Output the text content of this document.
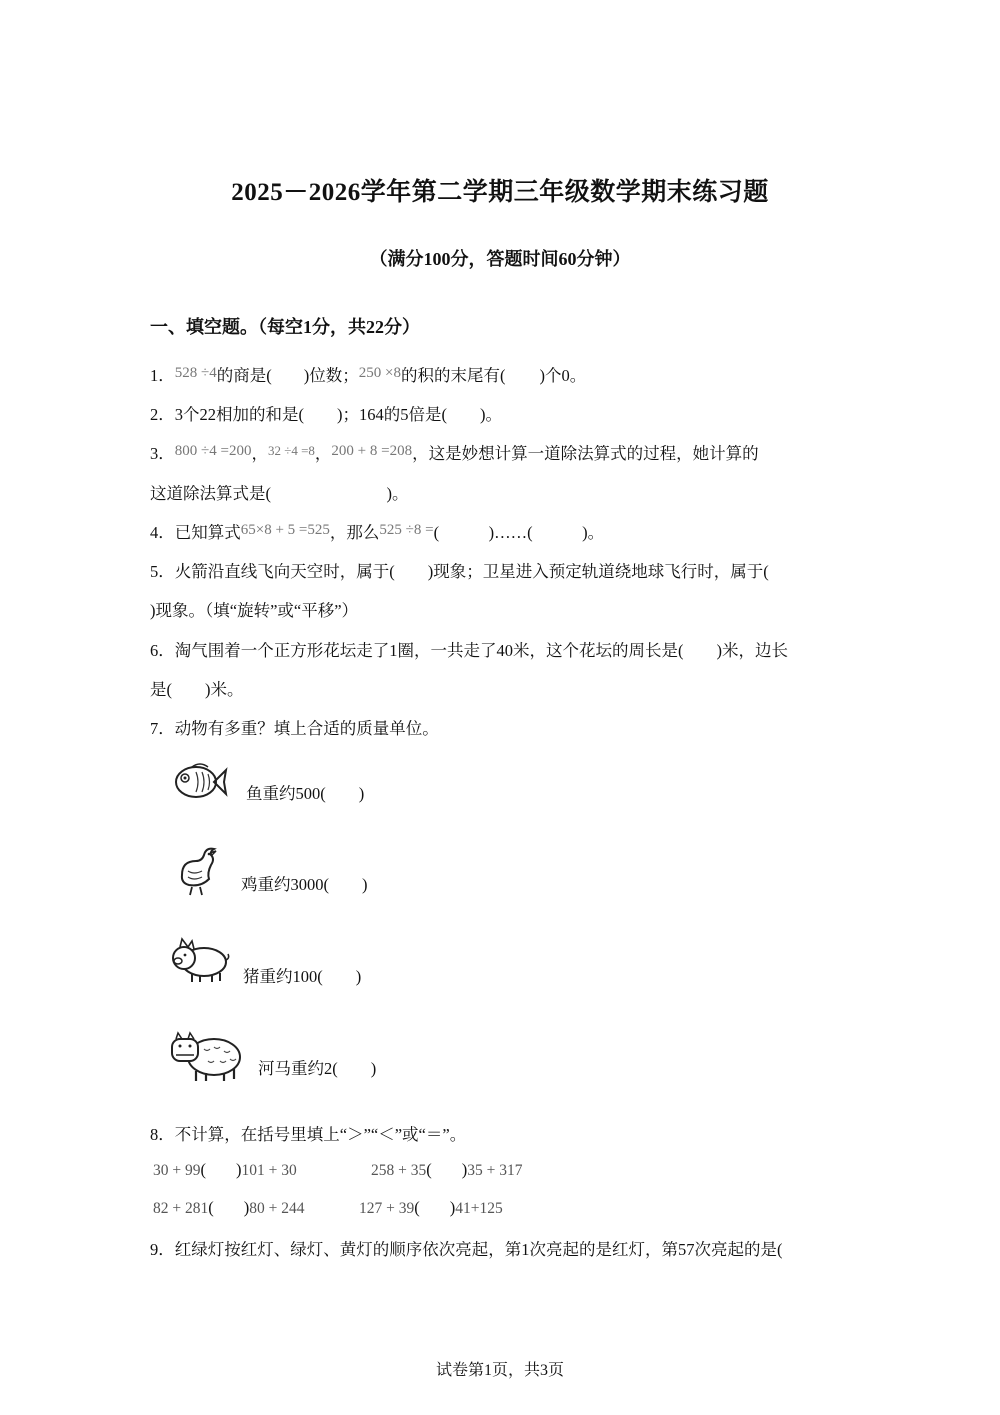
2025－2026学年第二学期三年级数学期末练习题
（满分100分，答题时间60分钟）
一、填空题。（每空1分，共22分）
1．528 ÷4的商是( )位数；250 ×8的积的末尾有( )个0。
2．3个22相加的和是(　　)；164的5倍是(　　)。
3．800 ÷4 =200，$^{32 \div 4 =8}$，200 + 8 =208，这是妙想计算一道除法算式的过程，她计算的
这道除法算式是(　　　　　　　)。
4．已知算式65×8 + 5 =525，那么525 ÷8 =(　　　)……(　　　)。
5．火箭沿直线飞向天空时，属于(　　)现象；卫星进入预定轨道绕地球飞行时，属于(
)现象。（填“旋转”或“平移”）
6．淘气围着一个正方形花坛走了1圈，一共走了40米，这个花坛的周长是(　　)米，边长
是(　　)米。
7．动物有多重？填上合适的质量单位。
鱼重约500(　　)
鸡重约3000(　　)
猪重约100(　　)
河马重约2(　　)
8．不计算，在括号里填上“＞”“＜”或“＝”。
30 + 99( )101 + 30	258 + 35( )35 + 317
82 + 281( )80 + 244	127 + 39( )41+125
9．红绿灯按红灯、绿灯、黄灯的顺序依次亮起，第1次亮起的是红灯，第57次亮起的是(
试卷第1页，共3页
